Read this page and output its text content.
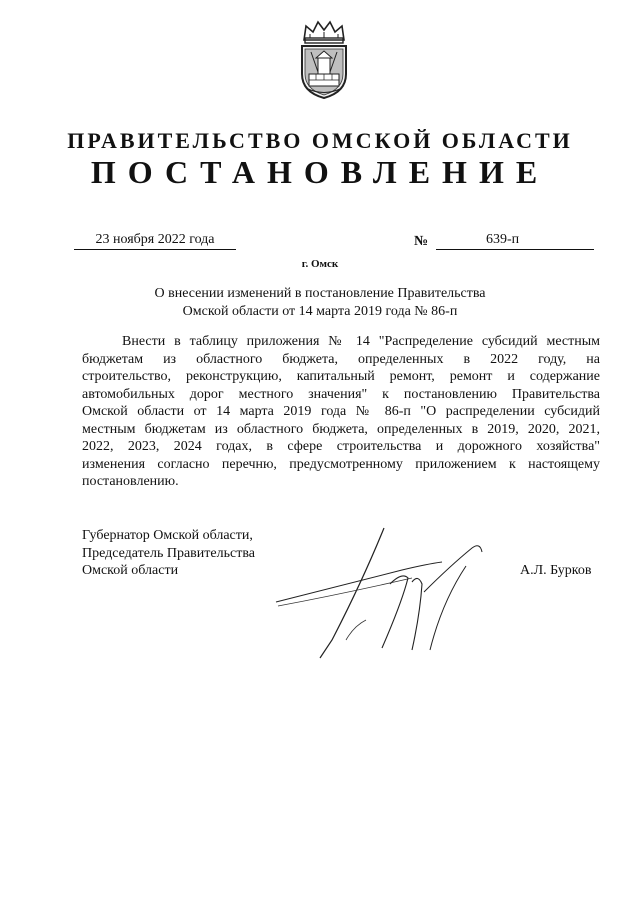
ПРАВИТЕЛЬСТВО ОМСКОЙ ОБЛАСТИ
ПОСТАНОВЛЕНИЕ
23 ноября 2022 года	№	639-п
г. Омск
О внесении изменений в постановление Правительства
Омской области от 14 марта 2019 года № 86-п
Внести в таблицу приложения № 14 "Распределение субсидий местным
бюджетам из областного бюджета, определенных в 2022 году, на
строительство, реконструкцию, капитальный ремонт, ремонт и содержание
автомобильных дорог местного значения" к постановлению Правительства
Омской области от 14 марта 2019 года № 86-п "О распределении субсидий
местным бюджетам из областного бюджета, определенных в 2019, 2020, 2021,
2022, 2023, 2024 годах, в сфере строительства и дорожного хозяйства"
изменения согласно перечню, предусмотренному приложением к настоящему
постановлению.
Губернатор Омской области,
Председатель Правительства
Омской области	А.Л. Бурков
